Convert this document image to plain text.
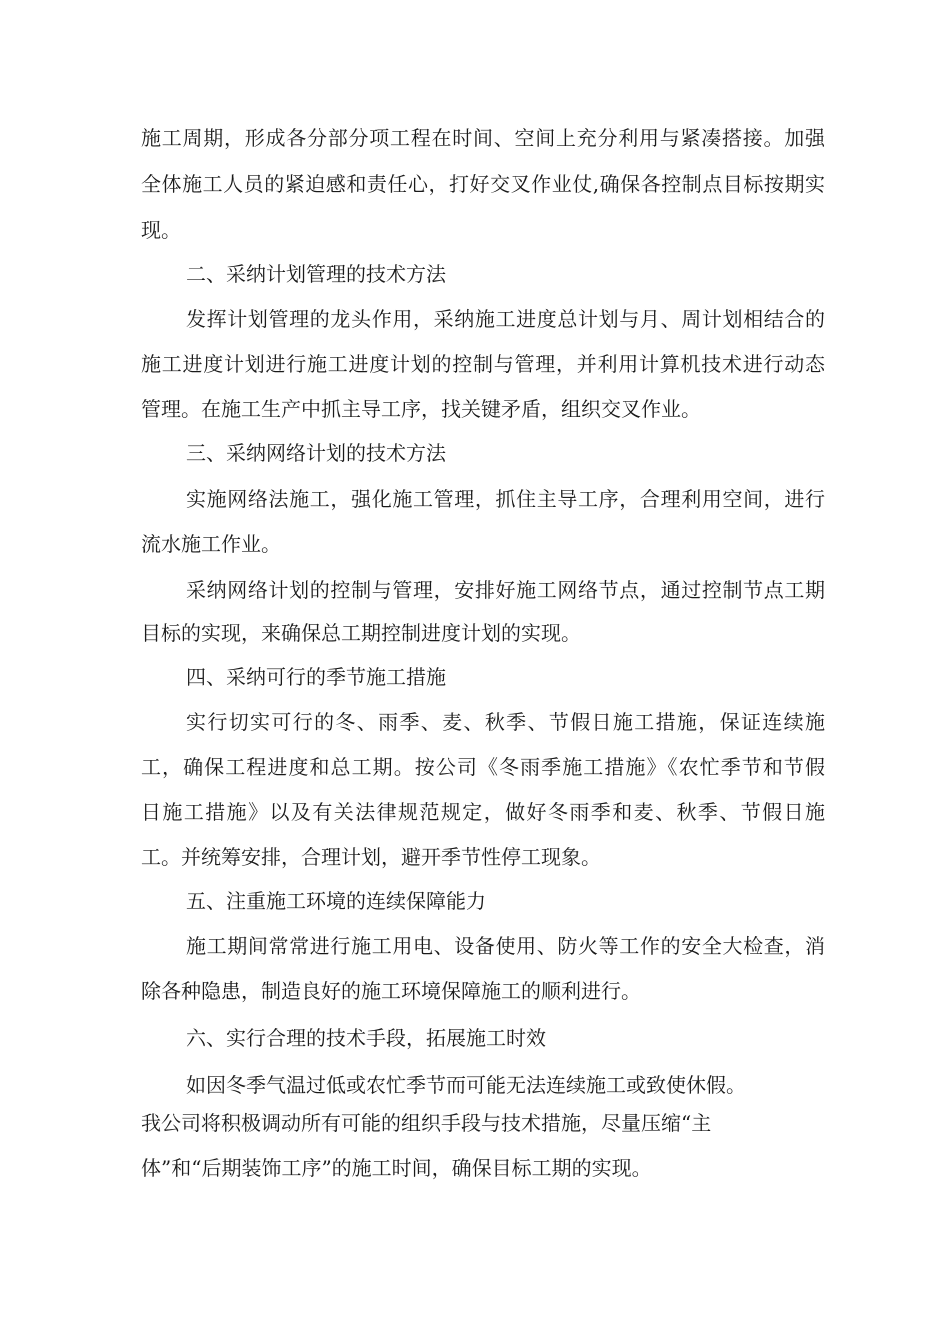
施工周期，形成各分部分项工程在时间、空间上充分利用与紧凑搭接。加强
全体施工人员的紧迫感和责任心，打好交叉作业仗,确保各控制点目标按期实
现。
二、采纳计划管理的技术方法
发挥计划管理的龙头作用，采纳施工进度总计划与月、周计划相结合的
施工进度计划进行施工进度计划的控制与管理，并利用计算机技术进行动态
管理。在施工生产中抓主导工序，找关键矛盾，组织交叉作业。
三、采纳网络计划的技术方法
实施网络法施工，强化施工管理，抓住主导工序，合理利用空间，进行
流水施工作业。
采纳网络计划的控制与管理，安排好施工网络节点，通过控制节点工期
目标的实现，来确保总工期控制进度计划的实现。
四、采纳可行的季节施工措施
实行切实可行的冬、雨季、麦、秋季、节假日施工措施，保证连续施
工，确保工程进度和总工期。按公司《冬雨季施工措施》《农忙季节和节假
日施工措施》以及有关法律规范规定，做好冬雨季和麦、秋季、节假日施
工。并统筹安排，合理计划，避开季节性停工现象。
五、注重施工环境的连续保障能力
施工期间常常进行施工用电、设备使用、防火等工作的安全大检查，消
除各种隐患，制造良好的施工环境保障施工的顺利进行。
六、实行合理的技术手段，拓展施工时效
如因冬季气温过低或农忙季节而可能无法连续施工或致使休假。
我公司将积极调动所有可能的组织手段与技术措施，尽量压缩“主
体”和“后期装饰工序”的施工时间，确保目标工期的实现。
